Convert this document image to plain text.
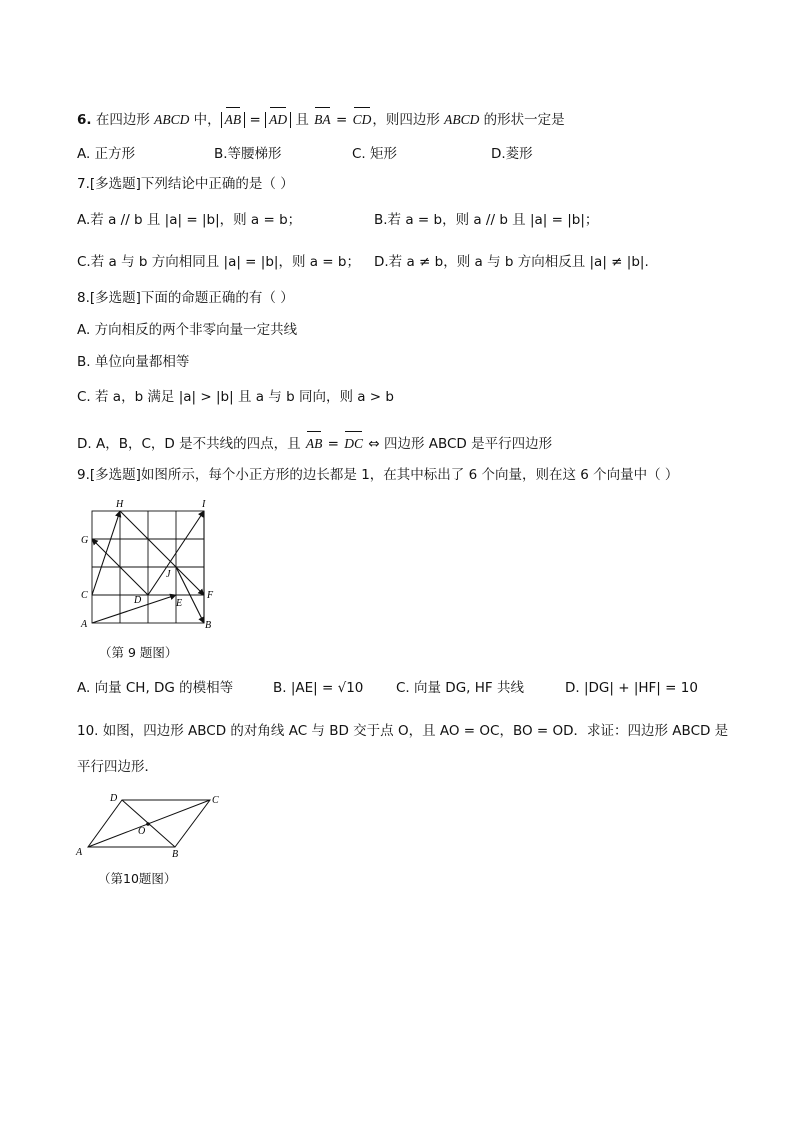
6. 在四边形 ABCD 中， AB = AD 且 BA = CD，则四边形 ABCD 的形状一定是
A. 正方形	B.等腰梯形	C. 矩形	D.菱形
7.[多选题]下列结论中正确的是（ ）
A.若 a // b 且 |a| = |b|，则 a = b；	B.若 a = b，则 a // b 且 |a| = |b|；
C.若 a 与 b 方向相同且 |a| = |b|，则 a = b； D.若 a ≠ b，则 a 与 b 方向相反且 |a| ≠ |b|.
8.[多选题]下面的命题正确的有（ ）
A. 方向相反的两个非零向量一定共线
B. 单位向量都相等
C. 若 a，b 满足 |a| > |b| 且 a 与 b 同向，则 a > b
D. A，B，C，D 是不共线的四点，且 AB = DC ⇔ 四边形 ABCD 是平行四边形
9.[多选题]如图所示，每个小正方形的边长都是 1，在其中标出了 6 个向量，则在这 6 个向量中（ ）
H	I
G
J
C	D	F
E
A	B
（第 9 题图）
A. 向量 CH, DG 的模相等	B. |AE| = √10 C. 向量 DG, HF 共线	D. |DG| + |HF| = 10
10. 如图，四边形 ABCD 的对角线 AC 与 BD 交于点 O，且 AO = OC，BO = OD．求证：四边形 ABCD 是
平行四边形．
D	C
O
A	B
（第10题图）
